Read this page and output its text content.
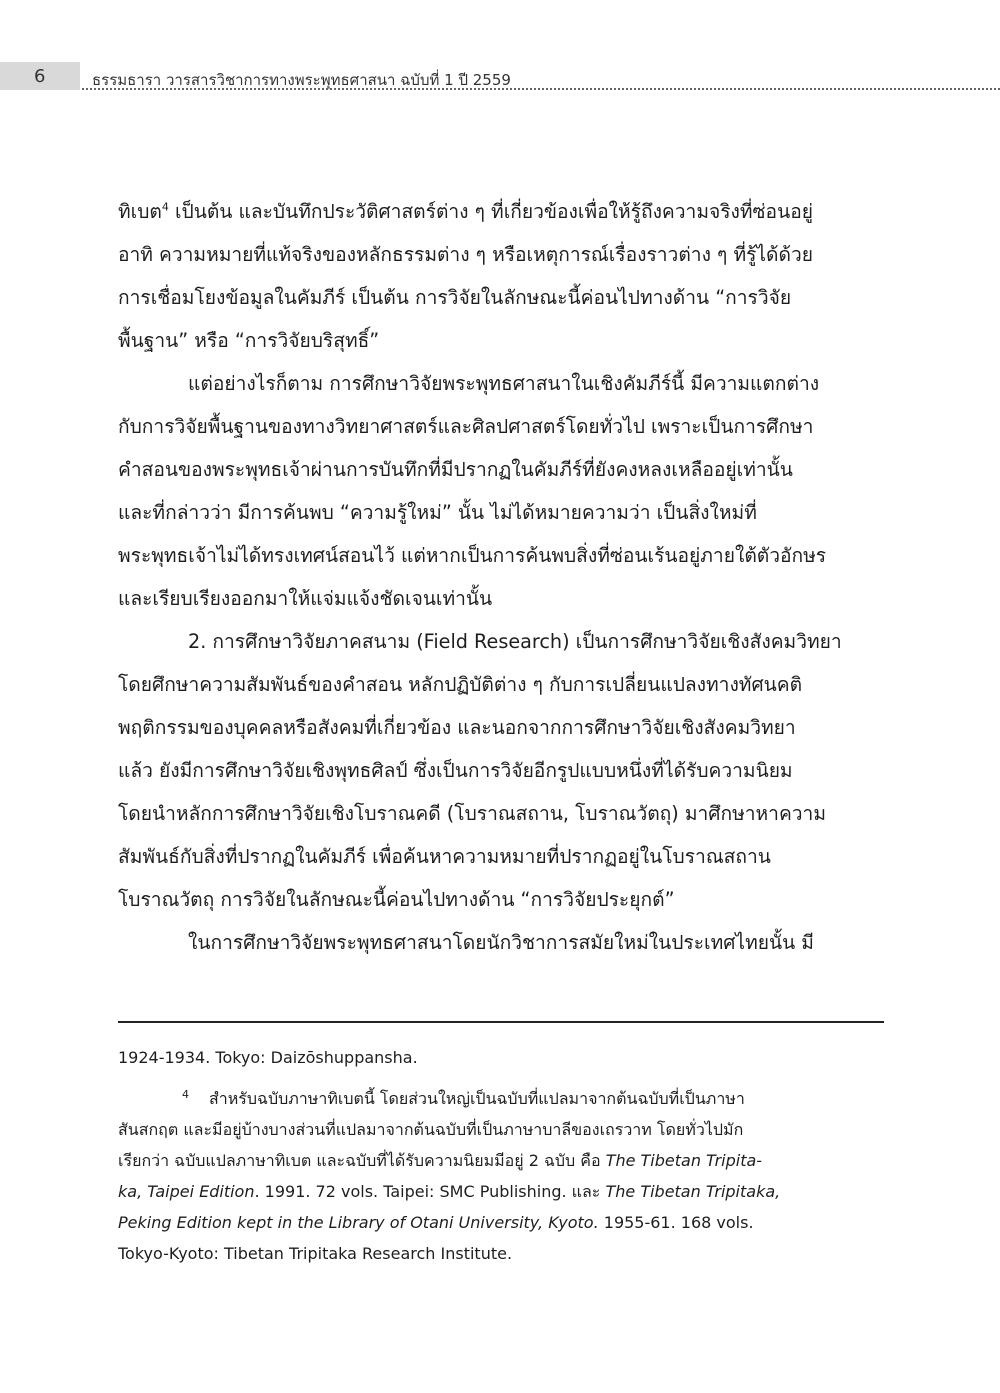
6	ธรรมธารา วารสารวิชาการทางพระพุทธศาสนา ฉบับที่ 1 ปี 2559
ทิเบต$^4$ เป็นต้น และบันทึกประวัติศาสตร์ต่าง ๆ ที่เกี่ยวข้องเพื่อให้รู้ถึงความจริงที่ซ่อนอยู่
อาทิ ความหมายที่แท้จริงของหลักธรรมต่าง ๆ หรือเหตุการณ์เรื่องราวต่าง ๆ ที่รู้ได้ด้วย
การเชื่อมโยงข้อมูลในคัมภีร์ เป็นต้น การวิจัยในลักษณะนี้ค่อนไปทางด้าน “การวิจัย
พื้นฐาน” หรือ “การวิจัยบริสุทธิ์”
แต่อย่างไรก็ตาม การศึกษาวิจัยพระพุทธศาสนาในเชิงคัมภีร์นี้ มีความแตกต่าง
กับการวิจัยพื้นฐานของทางวิทยาศาสตร์และศิลปศาสตร์โดยทั่วไป เพราะเป็นการศึกษา
คำสอนของพระพุทธเจ้าผ่านการบันทึกที่มีปรากฏในคัมภีร์ที่ยังคงหลงเหลืออยู่เท่านั้น
และที่กล่าวว่า มีการค้นพบ “ความรู้ใหม่” นั้น ไม่ได้หมายความว่า เป็นสิ่งใหม่ที่
พระพุทธเจ้าไม่ได้ทรงเทศน์สอนไว้ แต่หากเป็นการค้นพบสิ่งที่ซ่อนเร้นอยู่ภายใต้ตัวอักษร
และเรียบเรียงออกมาให้แจ่มแจ้งชัดเจนเท่านั้น
2. การศึกษาวิจัยภาคสนาม (Field Research) เป็นการศึกษาวิจัยเชิงสังคมวิทยา
โดยศึกษาความสัมพันธ์ของคำสอน หลักปฏิบัติต่าง ๆ กับการเปลี่ยนแปลงทางทัศนคติ
พฤติกรรมของบุคคลหรือสังคมที่เกี่ยวข้อง และนอกจากการศึกษาวิจัยเชิงสังคมวิทยา
แล้ว ยังมีการศึกษาวิจัยเชิงพุทธศิลป์ ซึ่งเป็นการวิจัยอีกรูปแบบหนึ่งที่ได้รับความนิยม
โดยนำหลักการศึกษาวิจัยเชิงโบราณคดี (โบราณสถาน, โบราณวัตถุ) มาศึกษาหาความ
สัมพันธ์กับสิ่งที่ปรากฏในคัมภีร์ เพื่อค้นหาความหมายที่ปรากฏอยู่ในโบราณสถาน
โบราณวัตถุ การวิจัยในลักษณะนี้ค่อนไปทางด้าน “การวิจัยประยุกต์”
ในการศึกษาวิจัยพระพุทธศาสนาโดยนักวิชาการสมัยใหม่ในประเทศไทยนั้น มี
1924-1934. Tokyo: Daizōshuppansha.
$^4$ สำหรับฉบับภาษาทิเบตนี้ โดยส่วนใหญ่เป็นฉบับที่แปลมาจากต้นฉบับที่เป็นภาษา
สันสกฤต และมีอยู่บ้างบางส่วนที่แปลมาจากต้นฉบับที่เป็นภาษาบาลีของเถรวาท โดยทั่วไปมัก
เรียกว่า ฉบับแปลภาษาทิเบต และฉบับที่ได้รับความนิยมมีอยู่ 2 ฉบับ คือ The Tibetan Tripita-
ka, Taipei Edition. 1991. 72 vols. Taipei: SMC Publishing. และ The Tibetan Tripitaka,
Peking Edition kept in the Library of Otani University, Kyoto. 1955-61. 168 vols.
Tokyo-Kyoto: Tibetan Tripitaka Research Institute.
